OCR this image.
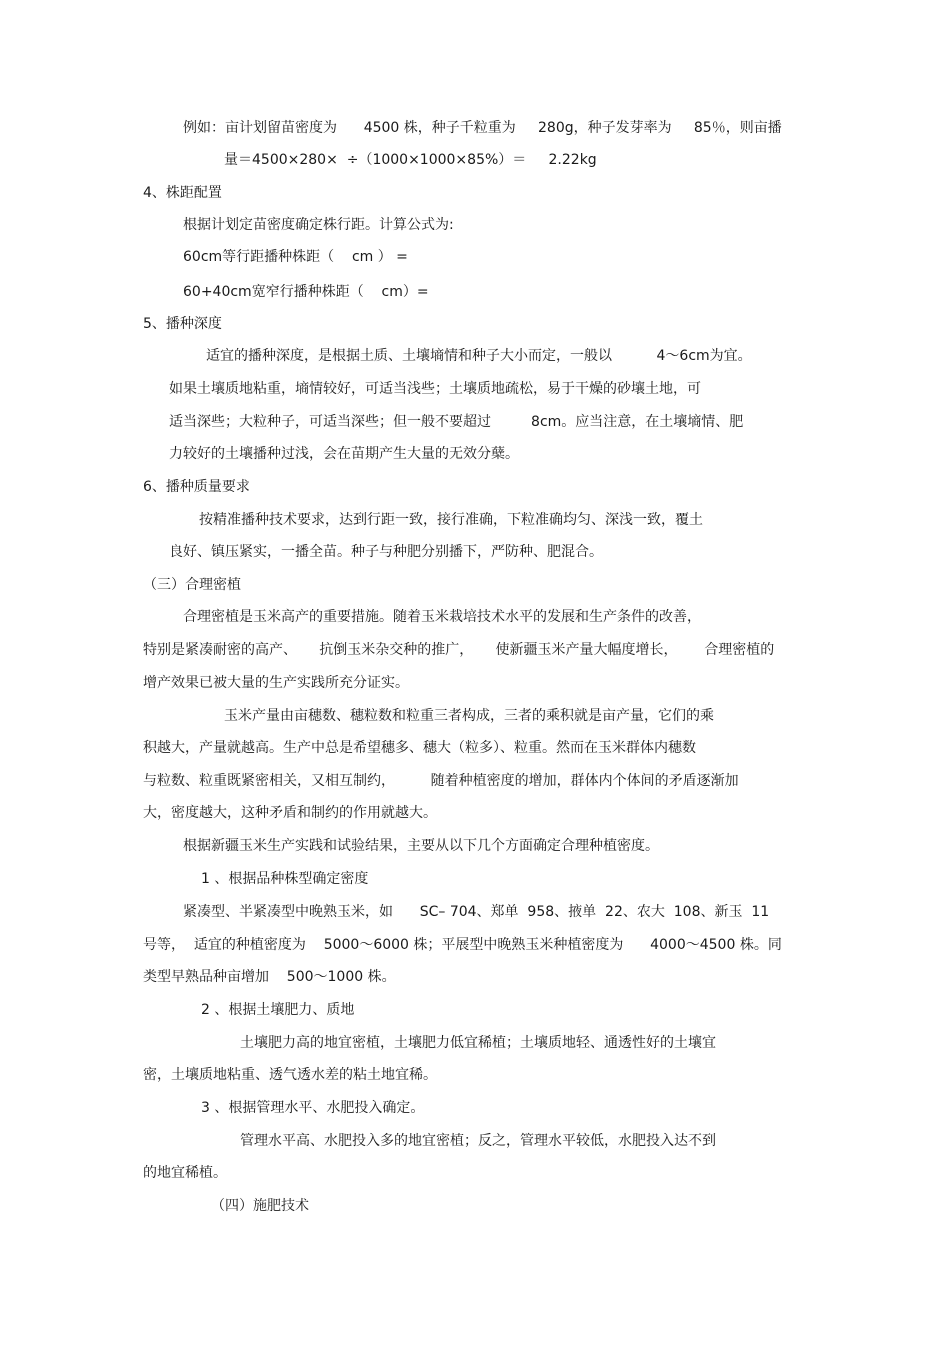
例如：亩计划留苗密度为      4500 株，种子千粒重为     280g，种子发芽率为     85％，则亩播
量＝4500×280×  ÷（1000×1000×85%）＝     2.22kg
4、株距配置
根据计划定苗密度确定株行距。计算公式为:
60cm等行距播种株距（    cm ） =
60+40cm宽窄行播种株距（    cm）=
5、播种深度
适宜的播种深度，是根据土质、土壤墒情和种子大小而定，一般以          4～6cm为宜。
如果土壤质地粘重，墒情较好，可适当浅些；土壤质地疏松，易于干燥的砂壤土地，可
适当深些；大粒种子，可适当深些；但一般不要超过         8cm。应当注意，在土壤墒情、肥
力较好的土壤播种过浅，会在苗期产生大量的无效分蘖。
6、播种质量要求
按精准播种技术要求，达到行距一致，接行准确，下粒准确均匀、深浅一致，覆土
良好、镇压紧实，一播全苗。种子与种肥分别播下，严防种、肥混合。
（三）合理密植
合理密植是玉米高产的重要措施。随着玉米栽培技术水平的发展和生产条件的改善，
特别是紧凑耐密的高产、     抗倒玉米杂交种的推广，     使新疆玉米产量大幅度增长，      合理密植的
增产效果已被大量的生产实践所充分证实。
玉米产量由亩穗数、穗粒数和粒重三者构成，三者的乘积就是亩产量，它们的乘
积越大，产量就越高。生产中总是希望穗多、穗大（粒多）、粒重。然而在玉米群体内穗数
与粒数、粒重既紧密相关，又相互制约，        随着种植密度的增加，群体内个体间的矛盾逐渐加
大，密度越大，这种矛盾和制约的作用就越大。
根据新疆玉米生产实践和试验结果，主要从以下几个方面确定合理种植密度。
1 、根据品种株型确定密度
紧凑型、半紧凑型中晚熟玉米，如      SC– 704、郑单  958、掖单  22、农大  108、新玉  11
号等，  适宜的种植密度为    5000～6000 株；平展型中晚熟玉米种植密度为      4000～4500 株。同
类型早熟品种亩增加    500～1000 株。
2 、根据土壤肥力、质地
土壤肥力高的地宜密植，土壤肥力低宜稀植；土壤质地轻、通透性好的土壤宜
密，土壤质地粘重、透气透水差的粘土地宜稀。
3 、根据管理水平、水肥投入确定。
管理水平高、水肥投入多的地宜密植；反之，管理水平较低，水肥投入达不到
的地宜稀植。
（四）施肥技术
